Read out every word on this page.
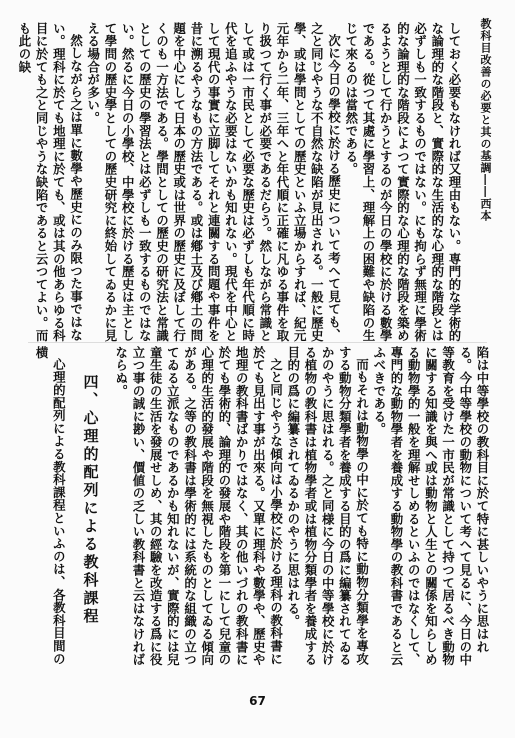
教科目改善の必要と其の基調――西本

しておく必要もなければ又理由もない。専門的な学術的な論理的な階段と、實際的な生活的な心理的な階段とは必ずしも一致するものではない。にも拘らず無理に學術的な論理的な階段によつて實際的な心理的な階段を築めるようとして行かうとするのが今日の學校に於ける數學である。從つて其處に學習上、理解上の困難や缺陷の生じて來るのは當然である。

次に今日の學校に於ける歷史について考へて見ても、之と同じやうな不自然な缺陷が見出される。一般に歷史學、或は學問としての歷史といふ立場からすれば、紀元元年から二年、三年へと年代順に正確に凡ゆる事件を取り扱つて行く事が必要であるだらう。然しながら常識として或は一市民として必要な歷史は必ずしも年代順に時代を追ふやうな必要はないかも知れない。現代を中心として現代の事實に立脚してそれと連關する問題や事件を昔に溯るやうなもの方法である。或は鄕土及び鄕土の問題を中心にして日本の歷史或は世界の歷史に及ぼして行くのも一方法である。學問としての歷史の研究法と常識としての歷史の學習法とは必ずしも一致するものではない。然るに今日の小學校、中學校に於ける歷史は主として學問の歷史學としての歷史研究に終始してゐるかに見える場合が多い。

然しながら之は單に數學や歷史にのみ限つた事ではない。理科に於ても地理に於ても、或は其の他あらゆる科目に於ても之と同じやうな缺陷であると云つてよい。而も此の缺

陷は中等學校の教科目に於て特に甚しいやうに思はれる。今中等學校の動物について考へて見るに、今日の中等教育を受けた一市民が常識として持つて居るべき動物に關する知識を與へ或は動物と人生との關係を知らしめる動物學的一般を理解せしめるといふのではなくして、專門的な動物學者を養成する動物學の教科書であると云ふべきである。

而もそれは動物學の中に於ても特に動物分類學を專攻する動物分類學者を養成する目的の爲に編纂されてゐるかのやうに思はれる。之と同様に今日の中等學校に於ける植物の教科書は植物學者或は植物分類學者を養成する目的の爲に編纂されてゐるかのやうに思はれる。

之と同じやうな傾向は小學校に於ける理科の教科書に於ても見出す事が出來る。又單に理科や數學や、歷史や地理の教科書ばかりではなく、其の他いづれの教科書に於ても學術的、論理的の發展や階段を第一にして兒童の心理的生活的發展や階段を無視したものとしてゐる傾向がある。之等の教科書は學術的には系統的な組織の立つてゐる立派なものであるかも知れないが、實際的には兒童生徒の生活を發展せしめ、其の經驗を改造する爲に役立つ事の誠に尠い、價値の乏しい教科書と云はなければならぬ。

四、心理的配列による教科課程

心理的配列による教科課程といふのは、各教科目間の横

67
